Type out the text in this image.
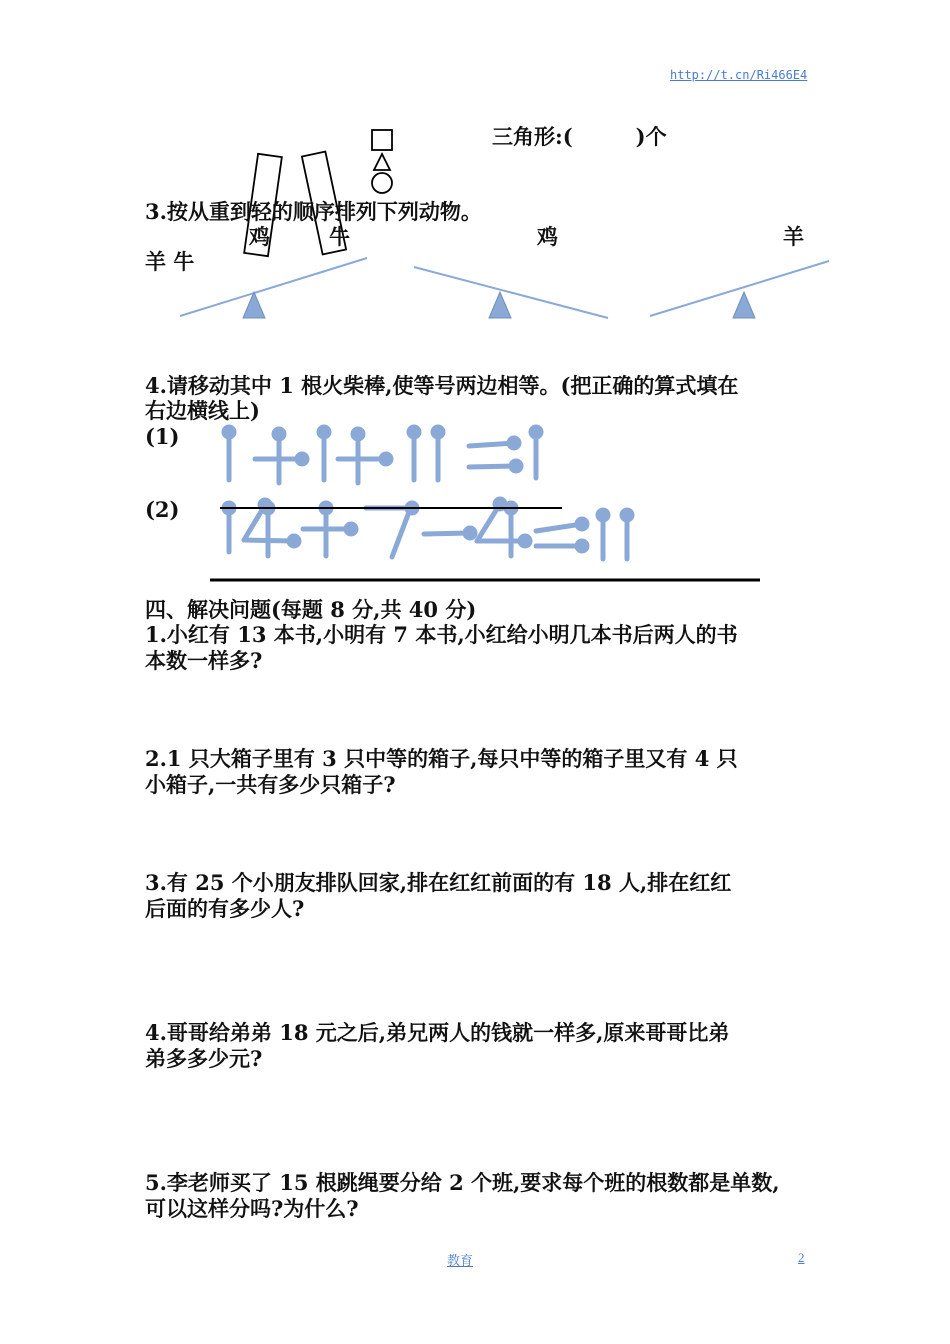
http://t.cn/Ri466E4
三角形:(　　　)个
3.按从重到轻的顺序排列下列动物。
鸡	牛
羊 牛
鸡	羊
4.请移动其中 1 根火柴棒,使等号两边相等。(把正确的算式填在
右边横线上)
(1)
(2)
四、解决问题(每题 8 分,共 40 分)
1.小红有 13 本书,小明有 7 本书,小红给小明几本书后两人的书
本数一样多?
2.1 只大箱子里有 3 只中等的箱子,每只中等的箱子里又有 4 只
小箱子,一共有多少只箱子?
3.有 25 个小朋友排队回家,排在红红前面的有 18 人,排在红红
后面的有多少人?
4.哥哥给弟弟 18 元之后,弟兄两人的钱就一样多,原来哥哥比弟
弟多多少元?
5.李老师买了 15 根跳绳要分给 2 个班,要求每个班的根数都是单数,
可以这样分吗?为什么?
教育	2
